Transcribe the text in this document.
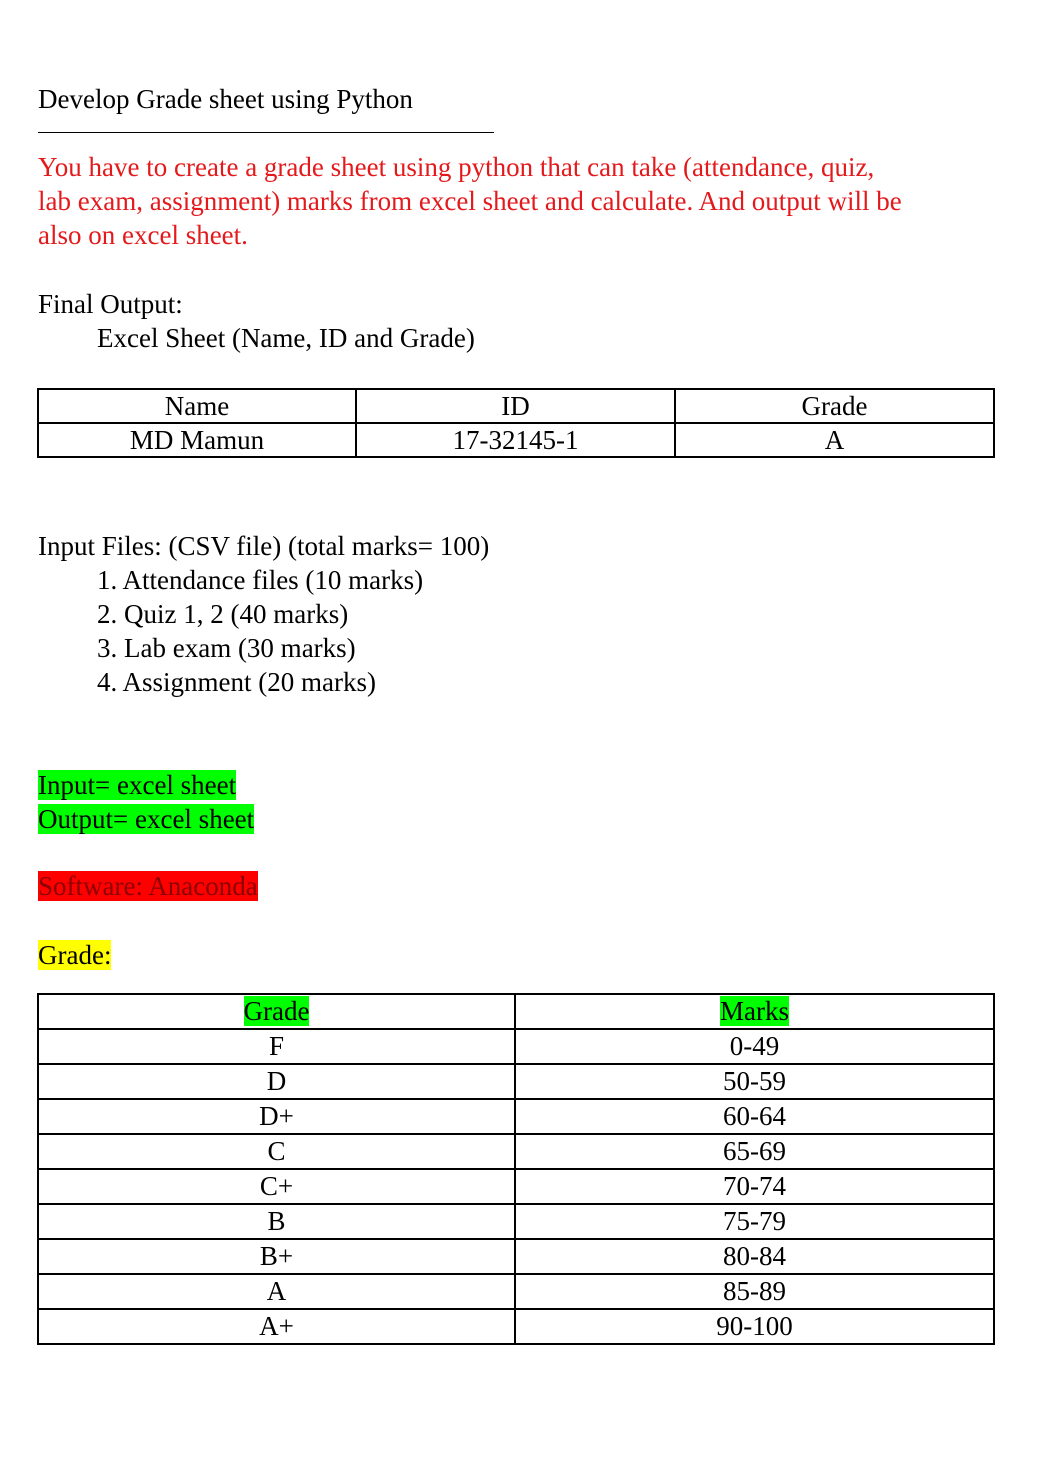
Develop Grade sheet using Python
You have to create a grade sheet using python that can take (attendance, quiz,
lab exam, assignment) marks from excel sheet and calculate. And output will be
also on excel sheet.
Final Output:
Excel Sheet (Name, ID and Grade)
Name	ID	Grade
MD Mamun	17-32145-1	A
Input Files: (CSV file) (total marks= 100)
1. Attendance files (10 marks)
2. Quiz 1, 2 (40 marks)
3. Lab exam (30 marks)
4. Assignment (20 marks)
Input= excel sheet
Output= excel sheet
Software: Anaconda
Grade:
Grade	Marks
F	0-49
D	50-59
D+	60-64
C	65-69
C+	70-74
B	75-79
B+	80-84
A	85-89
A+	90-100
